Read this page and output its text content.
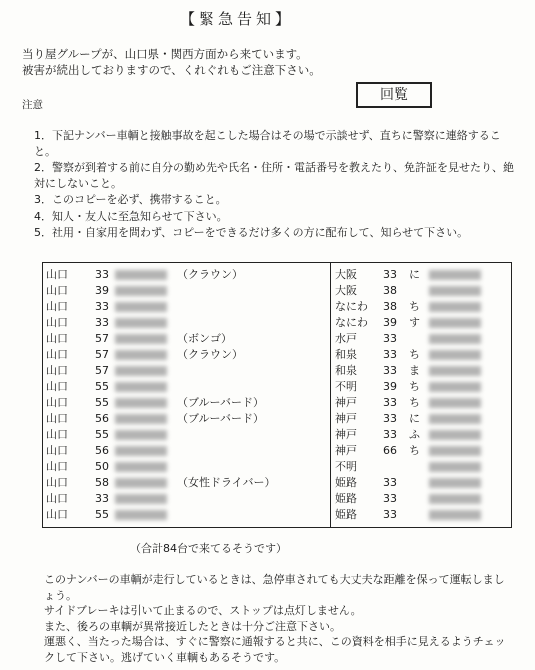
【緊急告知】
当り屋グループが、山口県・関西方面から来ています。
被害が続出しておりますので、くれぐれもご注意下さい。
回覧
注意

1．下記ナンバー車輌と接触事故を起こした場合はその場で示談せず、直ちに警察に連絡すること。

2．警察が到着する前に自分の勤め先や氏名・住所・電話番号を教えたり、免許証を見せたり、絶対にしないこと。

3．このコピーを必ず、携帯すること。

4．知人・友人に至急知らせて下さい。

5．社用・自家用を問わず、コピーをできるだけ多くの方に配布して、知らせて下さい。

山口 33	（クラウン）
山口 39
山口 33
山口 33
山口 57	（ボンゴ）
山口 57	（クラウン）
山口 57
山口 55
山口 55	（ブルーバード）
山口 56	（ブルーバード）
山口 55
山口 56
山口 50
山口 58	（女性ドライバー）
山口 33
山口 55
大阪 33 に
大阪 38
なにわ 38 ち
なにわ 39 す
水戸 33
和泉 33 ち
和泉 33 ま
不明 39 ち
神戸 33 ち
神戸 33 に
神戸 33 ふ
神戸 66 ち
不明
姫路 33
姫路 33
姫路 33
（合計84台で来てるそうです）

このナンバーの車輌が走行しているときは、急停車されても大丈夫な距離を保って運転しましょう。

サイドブレーキは引いて止まるので、ストップは点灯しません。

また、後ろの車輌が異常接近したときは十分ご注意下さい。

運悪く、当たった場合は、すぐに警察に通報すると共に、この資料を相手に見えるようチェックして下さい。逃げていく車輌もあるそうです。
